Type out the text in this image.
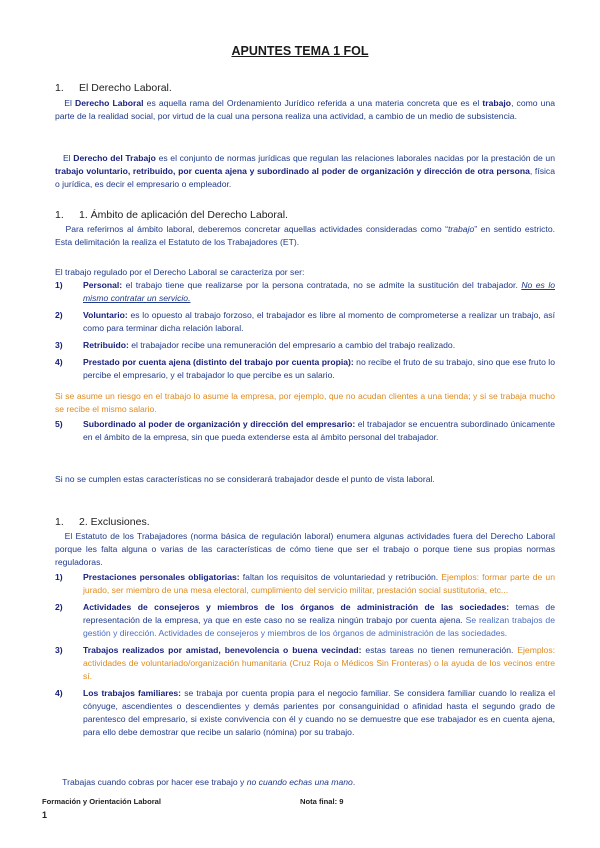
APUNTES TEMA 1 FOL
1. El Derecho Laboral.
El Derecho Laboral es aquella rama del Ordenamiento Jurídico referida a una materia concreta que es el trabajo, como una parte de la realidad social, por virtud de la cual una persona realiza una actividad, a cambio de un medio de subsistencia.
El Derecho del Trabajo es el conjunto de normas jurídicas que regulan las relaciones laborales nacidas por la prestación de un trabajo voluntario, retribuido, por cuenta ajena y subordinado al poder de organización y dirección de otra persona, física o jurídica, es decir el empresario o empleador.
1. 1. Ámbito de aplicación del Derecho Laboral.
Para referirnos al ámbito laboral, deberemos concretar aquellas actividades consideradas como “trabajo” en sentido estricto. Esta delimitación la realiza el Estatuto de los Trabajadores (ET).
El trabajo regulado por el Derecho Laboral se caracteriza por ser:
1) Personal: el trabajo tiene que realizarse por la persona contratada, no se admite la sustitución del trabajador. No es lo mismo contratar un servicio.
2) Voluntario: es lo opuesto al trabajo forzoso, el trabajador es libre al momento de comprometerse a realizar un trabajo, así como para terminar dicha relación laboral.
3) Retribuido: el trabajador recibe una remuneración del empresario a cambio del trabajo realizado.
4) Prestado por cuenta ajena (distinto del trabajo por cuenta propia): no recibe el fruto de su trabajo, sino que ese fruto lo percibe el empresario, y el trabajador lo que percibe es un salario.
Si se asume un riesgo en el trabajo lo asume la empresa, por ejemplo, que no acudan clientes a una tienda; y si se trabaja mucho se recibe el mismo salario.
5) Subordinado al poder de organización y dirección del empresario: el trabajador se encuentra subordinado únicamente en el ámbito de la empresa, sin que pueda extenderse esta al ámbito personal del trabajador.
Si no se cumplen estas características no se considerará trabajador desde el punto de vista laboral.
1. 2. Exclusiones.
El Estatuto de los Trabajadores (norma básica de regulación laboral) enumera algunas actividades fuera del Derecho Laboral porque les falta alguna o varias de las características de cómo tiene que ser el trabajo o porque tiene sus propias normas reguladoras.
1) Prestaciones personales obligatorias: faltan los requisitos de voluntariedad y retribución. Ejemplos: formar parte de un jurado, ser miembro de una mesa electoral, cumplimiento del servicio militar, prestación social sustitutoria, etc...
2) Actividades de consejeros y miembros de los órganos de administración de las sociedades: temas de representación de la empresa, ya que en este caso no se realiza ningún trabajo por cuenta ajena. Se realizan trabajos de gestión y dirección. Actividades de consejeros y miembros de los órganos de administración de las sociedades.
3) Trabajos realizados por amistad, benevolencia o buena vecindad: estas tareas no tienen remuneración. Ejemplos: actividades de voluntariado/organización humanitaria (Cruz Roja o Médicos Sin Fronteras) o la ayuda de los vecinos entre sí.
4) Los trabajos familiares: se trabaja por cuenta propia para el negocio familiar. Se considera familiar cuando lo realiza el cónyuge, ascendientes o descendientes y demás parientes por consanguinidad o afinidad hasta el segundo grado de parentesco del empresario, si existe convivencia con él y cuando no se demuestre que ese trabajador es en cuenta ajena, para ello debe demostrar que recibe un salario (nómina) por su trabajo.
Trabajas cuando cobras por hacer ese trabajo y no cuando echas una mano.
Formación y Orientación Laboral	Nota final: 9
1
